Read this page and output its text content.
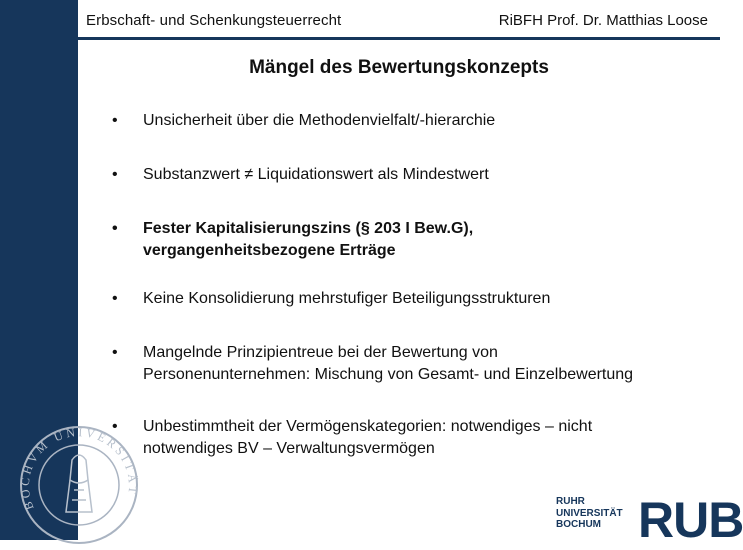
Erbschaft- und Schenkungsteuerrecht	RiBFH Prof. Dr. Matthias Loose
Mängel des Bewertungskonzepts
•	Unsicherheit über die Methodenvielfalt/-hierarchie
•	Substanzwert ≠ Liquidationswert als Mindestwert
•	Fester Kapitalisierungszins (§ 203 I Bew.G),
vergangenheitsbezogene Erträge
•	Keine Konsolidierung mehrstufiger Beteiligungsstrukturen
•	Mangelnde Prinzipientreue bei der Bewertung von
Personenunternehmen: Mischung von Gesamt- und Einzelbewertung
•	Unbestimmtheit der Vermögenskategorien: notwendiges – nicht
notwendiges BV – Verwaltungsvermögen
BOCHVM UNIVERSITÄT
RUHR
UNIVERSITÄT
BOCHUM RUB
